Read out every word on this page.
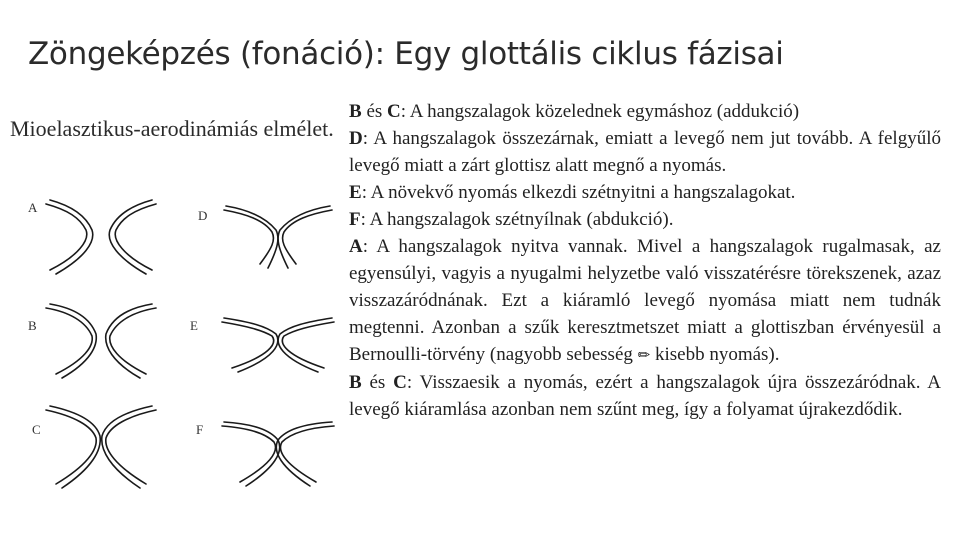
Zöngeképzés (fonáció): Egy glottális ciklus fázisai
Mioelasztikus-aerodinámiás elmélet.
A
D
B	E
C	F

B és C: A hangszalagok közelednek egymáshoz (addukció)

D: A hangszalagok összezárnak, emiatt a levegő nem jut tovább. A felgyűlő levegő miatt a zárt glottisz alatt megnő a nyomás.

E: A növekvő nyomás elkezdi szétnyitni a hangszalagokat.

F: A hangszalagok szétnyílnak (abdukció).

A: A hangszalagok nyitva vannak. Mivel a hangszalagok rugalmasak, az egyensúlyi, vagyis a nyugalmi helyzetbe való visszatérésre törekszenek, azaz visszazáródnának. Ezt a kiáramló levegő nyomása miatt nem tudnák megtenni. Azonban a szűk keresztmetszet miatt a glottiszban érvényesül a Bernoulli-törvény (nagyobb sebesség ✏ kisebb nyomás).

B és C: Visszaesik a nyomás, ezért a hangszalagok újra összezáródnak. A levegő kiáramlása azonban nem szűnt meg, így a folyamat újrakezdődik.
